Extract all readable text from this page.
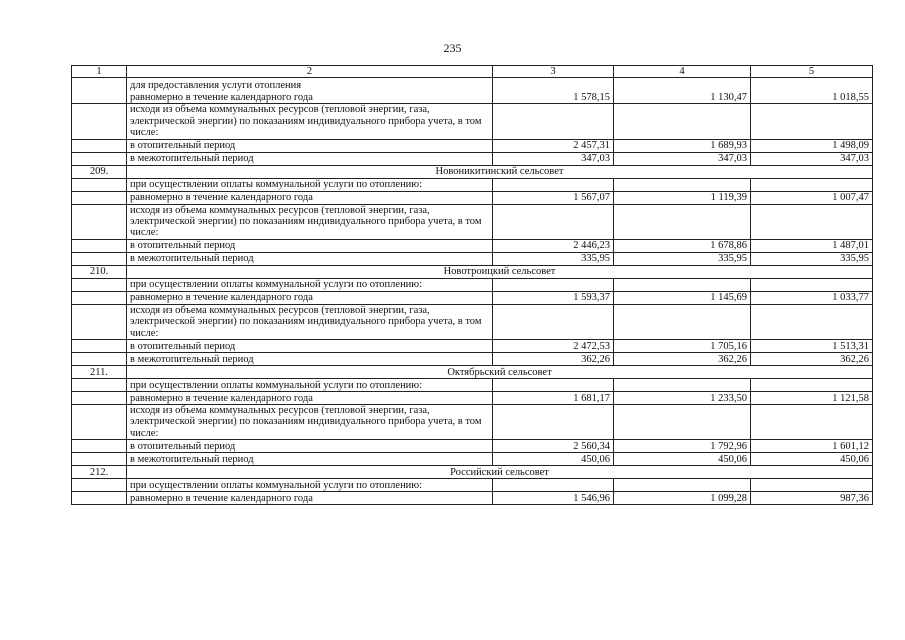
235
1	2	3	4	5
	для предоставления услуги отопления			
	равномерно в течение календарного года	1 578,15	1 130,47	1 018,55
	исходя из объема коммунальных ресурсов (тепловой энергии, газа, электрической энергии) по показаниям индивидуального прибора учета, в том числе:			
	в отопительный период	2 457,31	1 689,93	1 498,09
	в межотопительный период	347,03	347,03	347,03
209.	Новоникитинский сельсовет			
	при осуществлении оплаты коммунальной услуги по отоплению:			
	равномерно в течение календарного года	1 567,07	1 119,39	1 007,47
	исходя из объема коммунальных ресурсов (тепловой энергии, газа, электрической энергии) по показаниям индивидуального прибора учета, в том числе:			
	в отопительный период	2 446,23	1 678,86	1 487,01
	в межотопительный период	335,95	335,95	335,95
210.	Новотроицкий сельсовет			
	при осуществлении оплаты коммунальной услуги по отоплению:			
	равномерно в течение календарного года	1 593,37	1 145,69	1 033,77
	исходя из объема коммунальных ресурсов (тепловой энергии, газа, электрической энергии) по показаниям индивидуального прибора учета, в том числе:			
	в отопительный период	2 472,53	1 705,16	1 513,31
	в межотопительный период	362,26	362,26	362,26
211.	Октябрьский сельсовет			
	при осуществлении оплаты коммунальной услуги по отоплению:			
	равномерно в течение календарного года	1 681,17	1 233,50	1 121,58
	исходя из объема коммунальных ресурсов (тепловой энергии, газа, электрической энергии) по показаниям индивидуального прибора учета, в том числе:			
	в отопительный период	2 560,34	1 792,96	1 601,12
	в межотопительный период	450,06	450,06	450,06
212.	Российский сельсовет			
	при осуществлении оплаты коммунальной услуги по отоплению:			
	равномерно в течение календарного года	1 546,96	1 099,28	987,36
